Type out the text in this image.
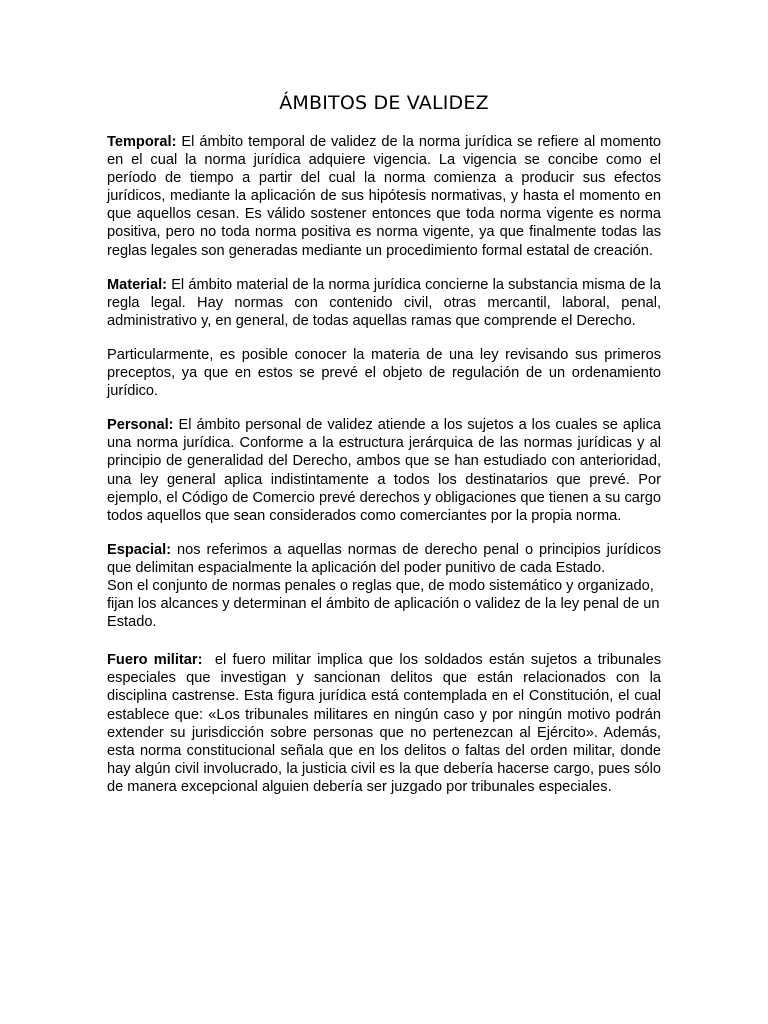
ÁMBITOS DE VALIDEZ

Temporal: El ámbito temporal de validez de la norma jurídica se refiere al momento en el cual la norma jurídica adquiere vigencia. La vigencia se concibe como el período de tiempo a partir del cual la norma comienza a producir sus efectos jurídicos, mediante la aplicación de sus hipótesis normativas, y hasta el momento en que aquellos cesan. Es válido sostener entonces que toda norma vigente es norma positiva, pero no toda norma positiva es norma vigente, ya que finalmente todas las reglas legales son generadas mediante un procedimiento formal estatal de creación.

Material: El ámbito material de la norma jurídica concierne la substancia misma de la regla legal. Hay normas con contenido civil, otras mercantil, laboral, penal, administrativo y, en general, de todas aquellas ramas que comprende el Derecho.

Particularmente, es posible conocer la materia de una ley revisando sus primeros preceptos, ya que en estos se prevé el objeto de regulación de un ordenamiento jurídico.

Personal: El ámbito personal de validez atiende a los sujetos a los cuales se aplica una norma jurídica. Conforme a la estructura jerárquica de las normas jurídicas y al principio de generalidad del Derecho, ambos que se han estudiado con anterioridad, una ley general aplica indistintamente a todos los destinatarios que prevé. Por ejemplo, el Código de Comercio prevé derechos y obligaciones que tienen a su cargo todos aquellos que sean considerados como comerciantes por la propia norma.

Espacial: nos referimos a aquellas normas de derecho penal o principios jurídicos que delimitan espacialmente la aplicación del poder punitivo de cada Estado.

Son el conjunto de normas penales o reglas que, de modo sistemático y organizado,

fijan los alcances y determinan el ámbito de aplicación o validez de la ley penal de un Estado.

Fuero militar:  el fuero militar implica que los soldados están sujetos a tribunales especiales que investigan y sancionan delitos que están relacionados con la disciplina castrense. Esta figura jurídica está contemplada en el Constitución, el cual establece que: «Los tribunales militares en ningún caso y por ningún motivo podrán extender su jurisdicción sobre personas que no pertenezcan al Ejército». Además, esta norma constitucional señala que en los delitos o faltas del orden militar, donde hay algún civil involucrado, la justicia civil es la que debería hacerse cargo, pues sólo de manera excepcional alguien debería ser juzgado por tribunales especiales.
